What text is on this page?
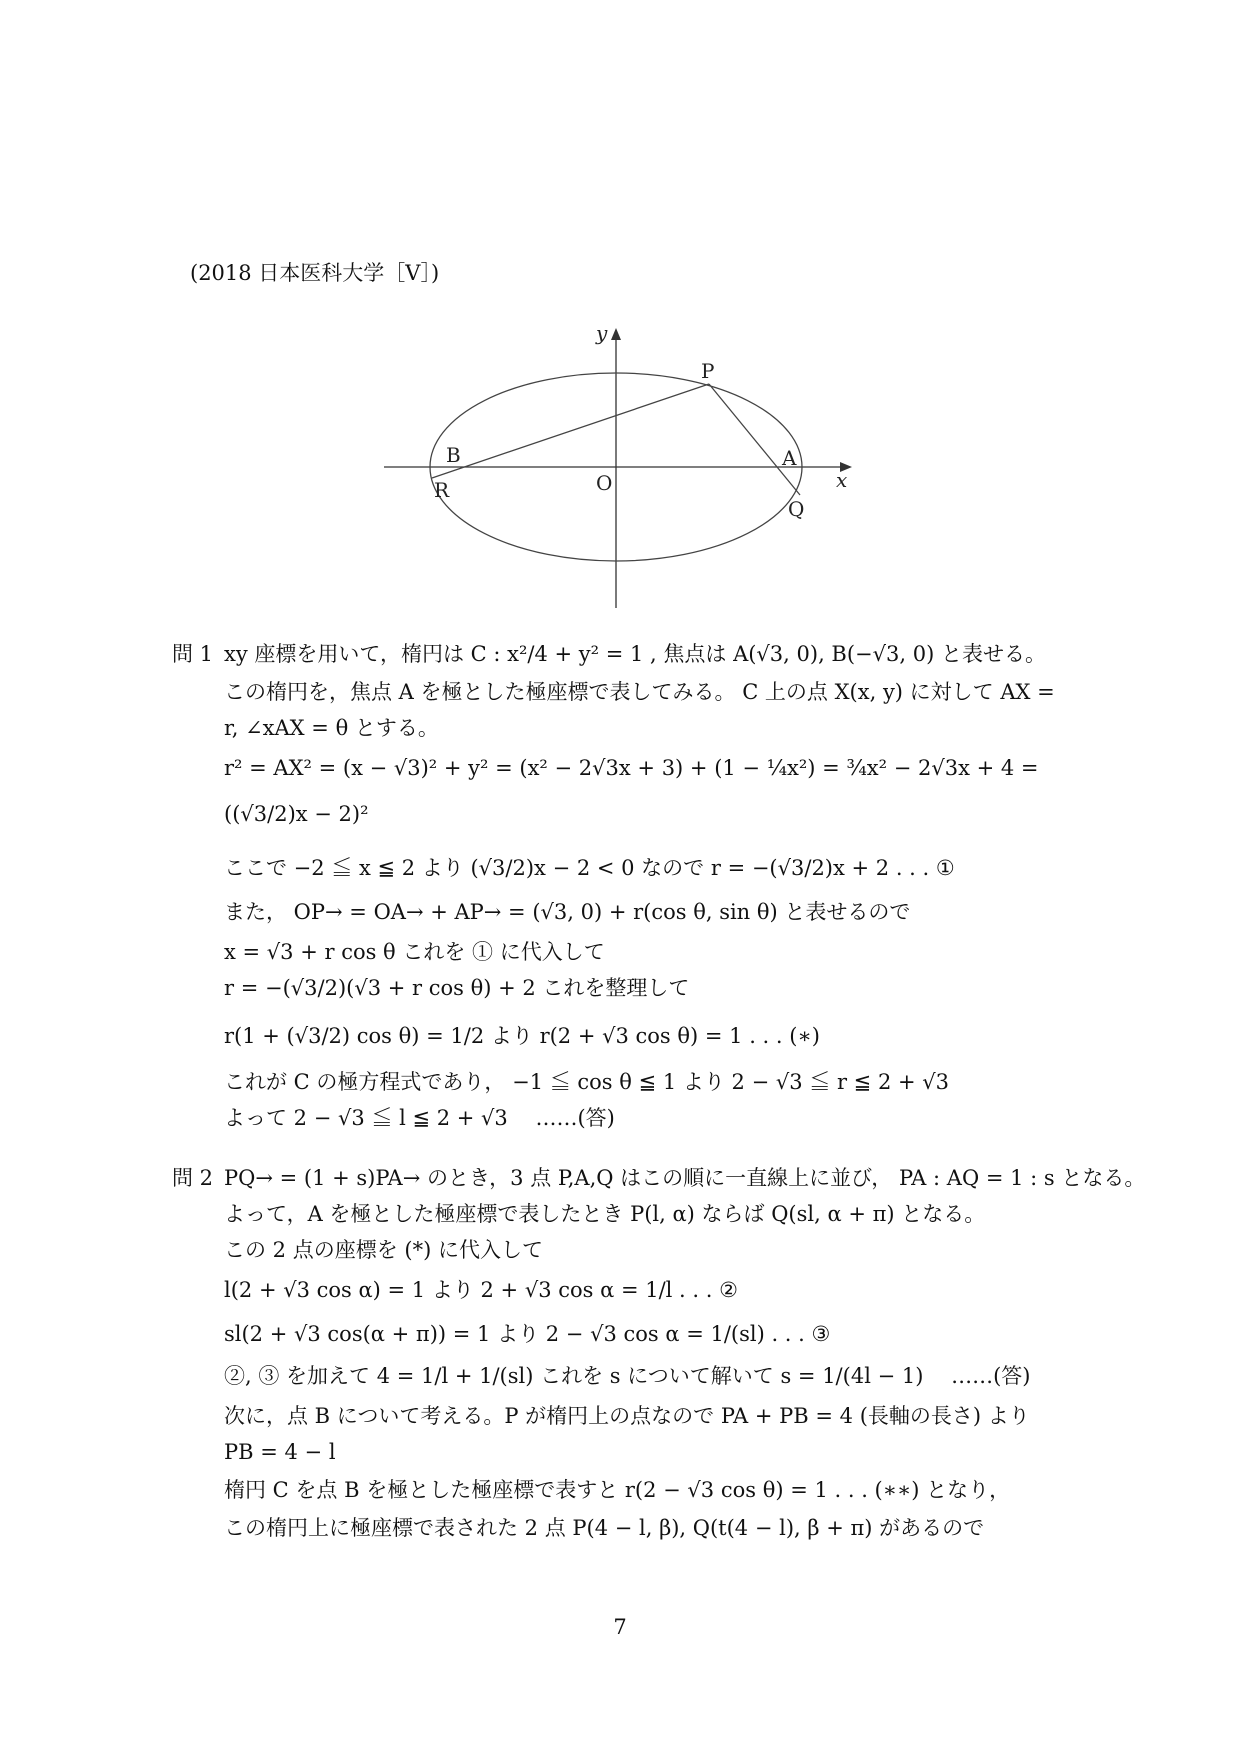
(2018 日本医科大学［Ⅴ］)
y
x
P
B	A
R	O
Q
問 1 xy 座標を用いて，楕円は C : x²/4 + y² = 1 , 焦点は A(√3, 0), B(−√3, 0) と表せる。
この楕円を，焦点 A を極とした極座標で表してみる。 C 上の点 X(x, y) に対して AX =
r, ∠xAX = θ とする。
r² = AX² = (x − √3)² + y² = (x² − 2√3x + 3) + (1 − ¼x²) = ¾x² − 2√3x + 4 =
((√3/2)x − 2)²
ここで −2 ≦ x ≦ 2 より (√3/2)x − 2 < 0 なので r = −(√3/2)x + 2 . . . ①
また， OP→ = OA→ + AP→ = (√3, 0) + r(cos θ, sin θ) と表せるので
x = √3 + r cos θ これを ① に代入して
r = −(√3/2)(√3 + r cos θ) + 2 これを整理して
r(1 + (√3/2) cos θ) = 1/2 より r(2 + √3 cos θ) = 1 . . . (∗)
これが C の極方程式であり， −1 ≦ cos θ ≦ 1 より 2 − √3 ≦ r ≦ 2 + √3
よって 2 − √3 ≦ l ≦ 2 + √3　 ……(答)
問 2 PQ→ = (1 + s)PA→ のとき，3 点 P,A,Q はこの順に一直線上に並び， PA : AQ = 1 : s となる。
よって，A を極とした極座標で表したとき P(l, α) ならば Q(sl, α + π) となる。
この 2 点の座標を (*) に代入して
l(2 + √3 cos α) = 1 より 2 + √3 cos α = 1/l . . . ②
sl(2 + √3 cos(α + π)) = 1 より 2 − √3 cos α = 1/(sl) . . . ③
②, ③ を加えて 4 = 1/l + 1/(sl) これを s について解いて s = 1/(4l − 1)　 ……(答)
次に，点 B について考える。P が楕円上の点なので PA + PB = 4 (長軸の長さ) より
PB = 4 − l
楕円 C を点 B を極とした極座標で表すと r(2 − √3 cos θ) = 1 . . . (∗∗) となり，
この楕円上に極座標で表された 2 点 P(4 − l, β), Q(t(4 − l), β + π) があるので
7
